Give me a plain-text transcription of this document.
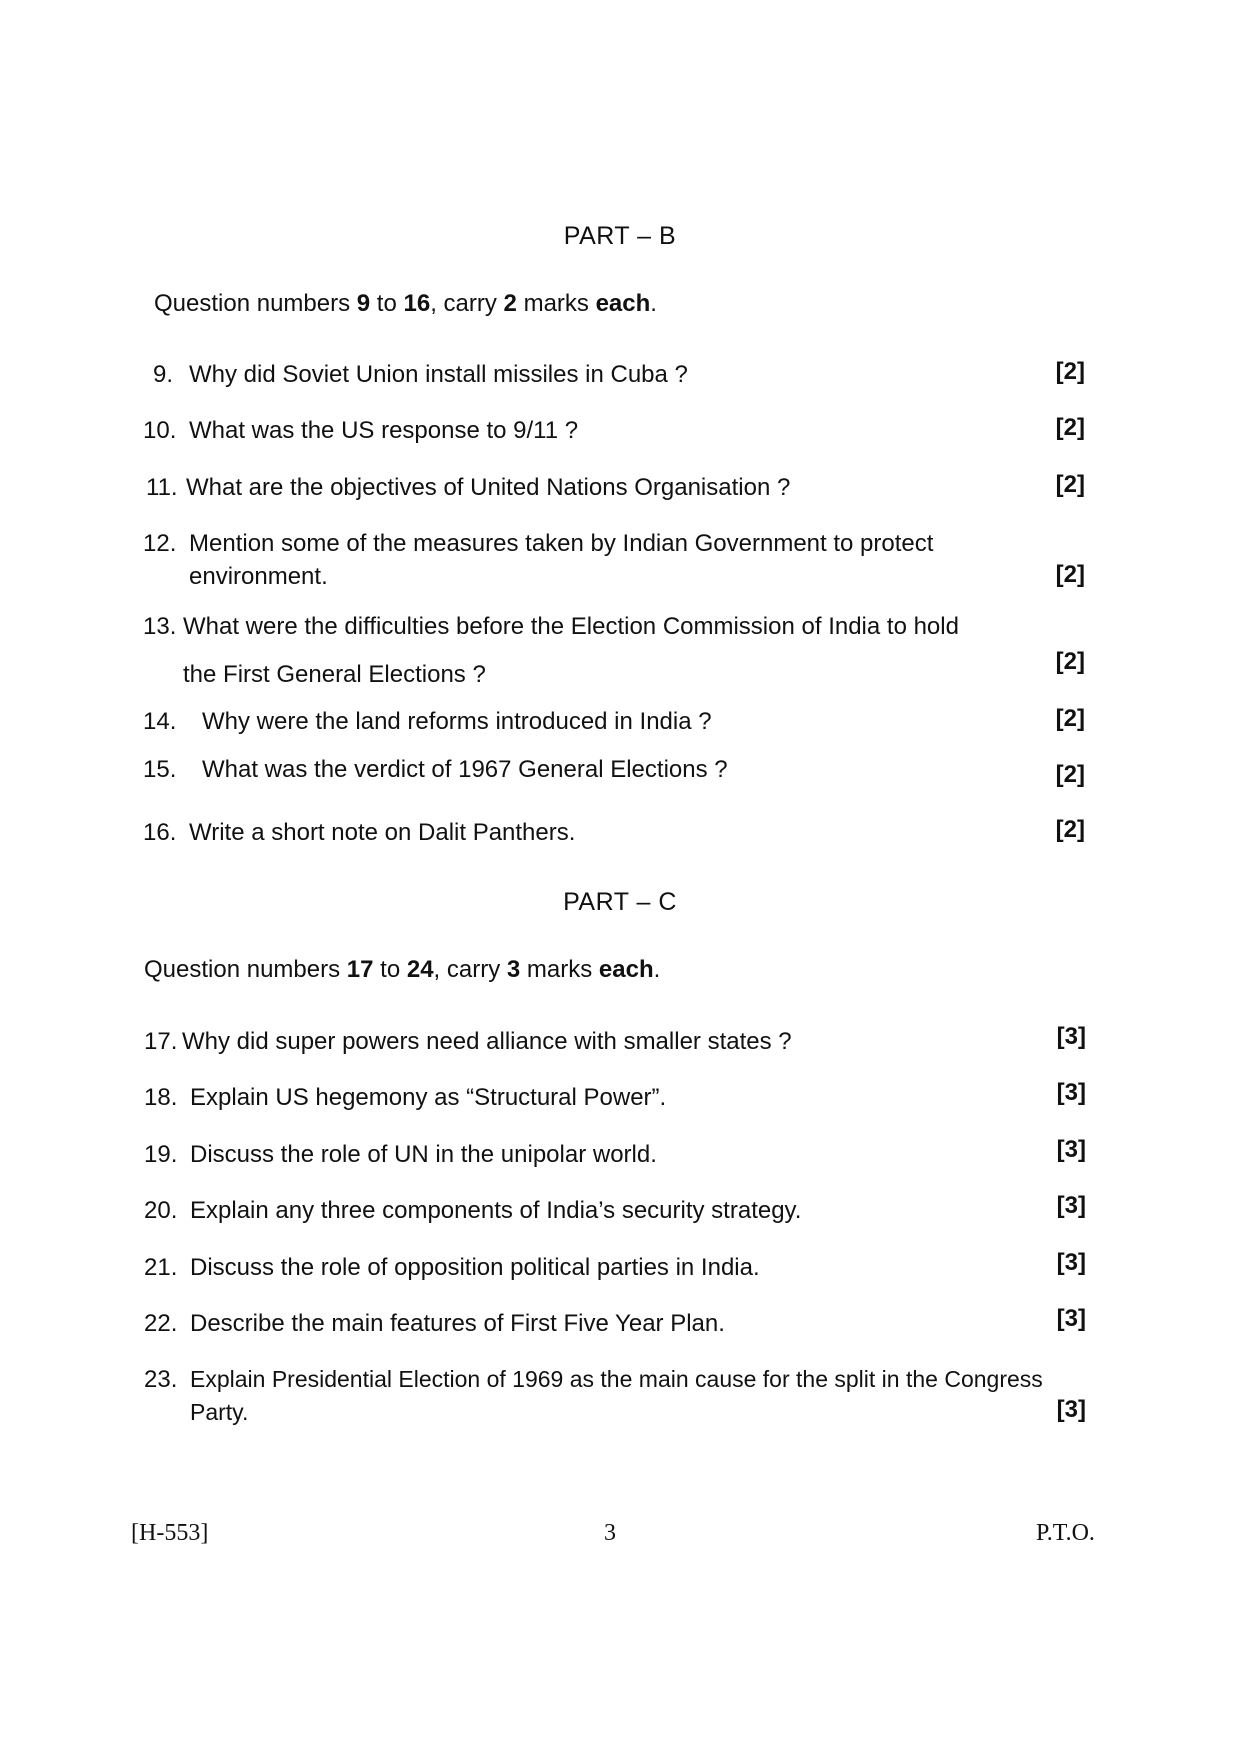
PART – B
Question numbers 9 to 16, carry 2 marks each.
9. Why did Soviet Union install missiles in Cuba ?	[2]
10. What was the US response to 9/11 ?	[2]
11. What are the objectives of United Nations Organisation ?	[2]
12. Mention some of the measures taken by Indian Government to protect
environment.	[2]
13. What were the difficulties before the Election Commission of India to hold
the First General Elections ?	[2]
14. Why were the land reforms introduced in India ?	[2]
15. What was the verdict of 1967 General Elections ?	[2]
16. Write a short note on Dalit Panthers.	[2]
PART – C
Question numbers 17 to 24, carry 3 marks each.
17. Why did super powers need alliance with smaller states ?	[3]
18. Explain US hegemony as “Structural Power”.	[3]
19. Discuss the role of UN in the unipolar world.	[3]
20. Explain any three components of India’s security strategy.	[3]
21. Discuss the role of opposition political parties in India.	[3]
22. Describe the main features of First Five Year Plan.	[3]
23. Explain Presidential Election of 1969 as the main cause for the split in the Congress
Party.	[3]
[H-553]	3	P.T.O.
